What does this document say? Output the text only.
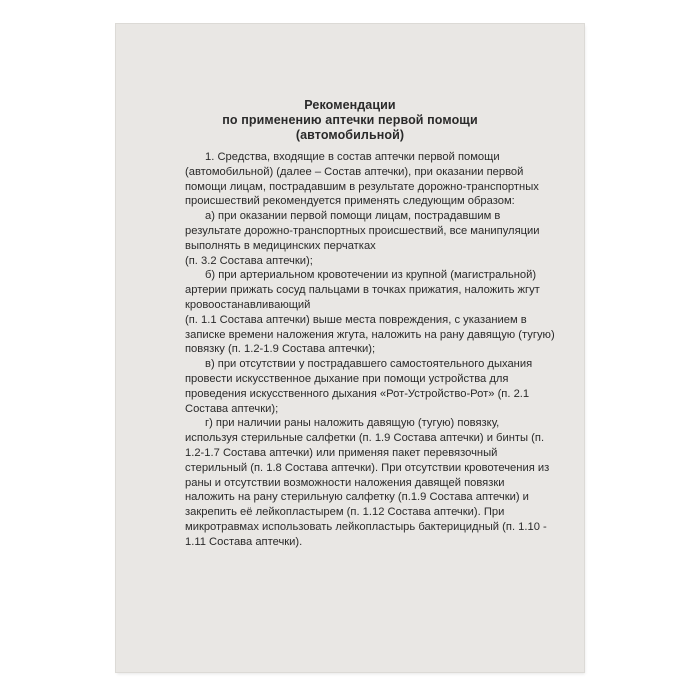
Рекомендации
по применению аптечки первой помощи
(автомобильной)

1. Средства, входящие в состав аптечки первой помощи (автомобильной) (далее – Состав аптечки), при оказании первой помощи лицам, пострадавшим в результате дорожно-транспортных происшествий рекомендуется применять следующим образом:

а) при оказании первой помощи лицам, пострадавшим в результате дорожно-транспортных происшествий, все манипуляции выполнять в медицинских перчатках

(п. 3.2 Состава аптечки);

б) при артериальном кровотечении из крупной (магистральной) артерии прижать сосуд пальцами в точках прижатия, наложить жгут кровоостанавливающий

(п. 1.1 Состава аптечки) выше места повреждения, с указанием в записке времени наложения жгута, наложить на рану давящую (тугую) повязку (п. 1.2-1.9 Состава аптечки);

в) при отсутствии у пострадавшего самостоятельного дыхания провести искусственное дыхание при помощи устройства для проведения искусственного дыхания «Рот-Устройство-Рот» (п. 2.1 Состава аптечки);

г) при наличии раны наложить давящую (тугую) повязку, используя стерильные салфетки (п. 1.9 Состава аптечки) и бинты (п. 1.2-1.7 Состава аптечки) или применяя пакет перевязочный стерильный (п. 1.8 Состава аптечки). При отсутствии кровотечения из раны и отсутствии возможности наложения давящей повязки наложить на рану стерильную салфетку (п.1.9 Состава аптечки) и закрепить её лейкопластырем (п. 1.12 Состава аптечки). При микротравмах использовать лейкопластырь бактерицидный (п. 1.10 - 1.11 Состава аптечки).
